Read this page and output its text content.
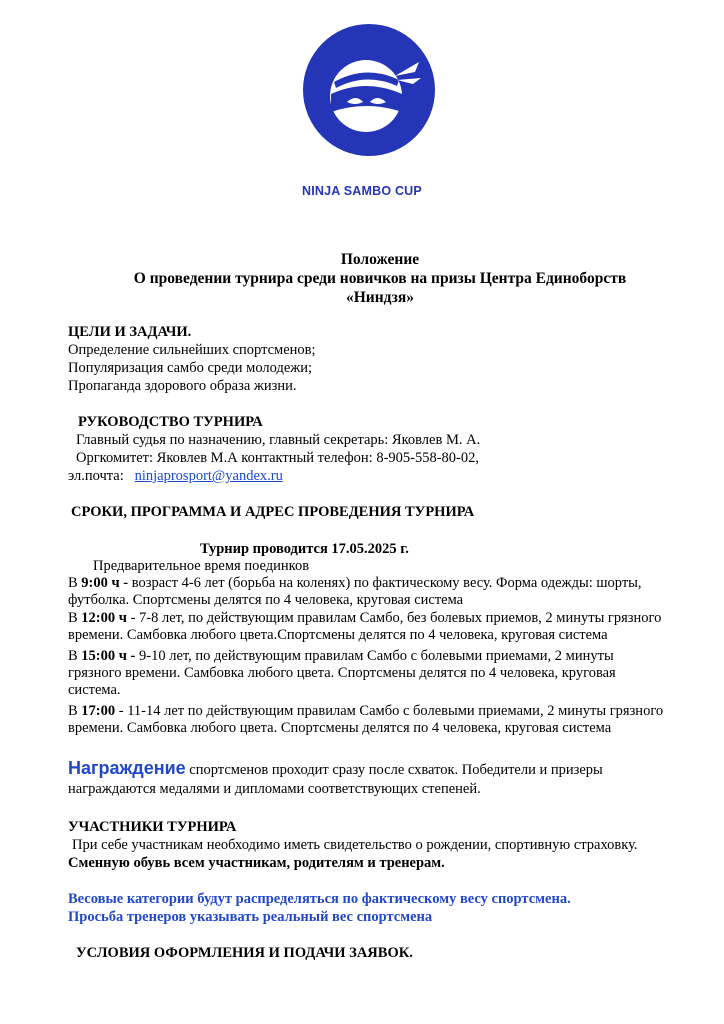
NINJA SAMBO CUP
Положение
О проведении турнира среди новичков на призы Центра Единоборств
«Ниндзя»
ЦЕЛИ И ЗАДАЧИ.
Определение сильнейших спортсменов;
Популяризация самбо среди молодежи;
Пропаганда здорового образа жизни.
РУКОВОДСТВО ТУРНИРА
Главный судья по назначению, главный секретарь: Яковлев М. А.
Оргкомитет: Яковлев М.А контактный телефон: 8-905-558-80-02,
эл.почта: ninjaprosport@yandex.ru
СРОКИ, ПРОГРАММА И АДРЕС ПРОВЕДЕНИЯ ТУРНИРА
Турнир проводится 17.05.2025 г.
Предварительное время поединков
В 9:00 ч - возраст 4-6 лет (борьба на коленях) по фактическому весу. Форма одежды: шорты,
футболка. Спортсмены делятся по 4 человека, круговая система
В 12:00 ч - 7-8 лет, по действующим правилам Самбо, без болевых приемов, 2 минуты грязного
времени. Самбовка любого цвета.Спортсмены делятся по 4 человека, круговая система
В 15:00 ч - 9-10 лет, по действующим правилам Самбо с болевыми приемами, 2 минуты
грязного времени. Самбовка любого цвета. Спортсмены делятся по 4 человека, круговая
система.
В 17:00 - 11-14 лет по действующим правилам Самбо с болевыми приемами, 2 минуты грязного
времени. Самбовка любого цвета. Спортсмены делятся по 4 человека, круговая система
Награждение спортсменов проходит сразу после схваток. Победители и призеры
награждаются медалями и дипломами соответствующих степеней.
УЧАСТНИКИ ТУРНИРА
При себе участникам необходимо иметь свидетельство о рождении, спортивную страховку.
Сменную обувь всем участникам, родителям и тренерам.
Весовые категории будут распределяться по фактическому весу спортсмена.
Просьба тренеров указывать реальный вес спортсмена
УСЛОВИЯ ОФОРМЛЕНИЯ И ПОДАЧИ ЗАЯВОК.
